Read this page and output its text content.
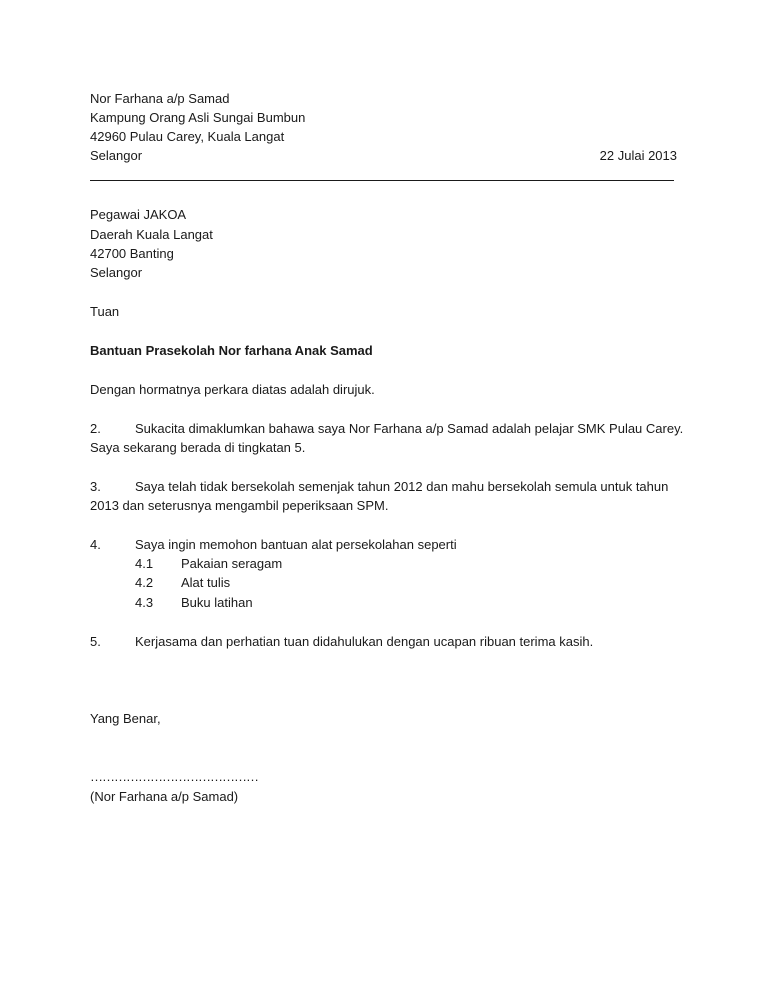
Nor Farhana a/p Samad
Kampung Orang Asli Sungai Bumbun
42960 Pulau Carey, Kuala Langat
Selangor	22 Julai 2013
Pegawai JAKOA
Daerah Kuala Langat
42700 Banting
Selangor
Tuan
Bantuan Prasekolah Nor farhana Anak Samad
Dengan hormatnya perkara diatas adalah dirujuk.
2.	Sukacita dimaklumkan bahawa saya Nor Farhana a/p Samad adalah pelajar SMK Pulau Carey.
Saya sekarang berada di tingkatan 5.
3.	Saya telah tidak bersekolah semenjak tahun 2012 dan mahu bersekolah semula untuk tahun
2013 dan seterusnya mengambil peperiksaan SPM.
4.	Saya ingin memohon bantuan alat persekolahan seperti
4.1 Pakaian seragam
4.2 Alat tulis
4.3 Buku latihan
5.	Kerjasama dan perhatian tuan didahulukan dengan ucapan ribuan terima kasih.
Yang Benar,
……………………………………
(Nor Farhana a/p Samad)
